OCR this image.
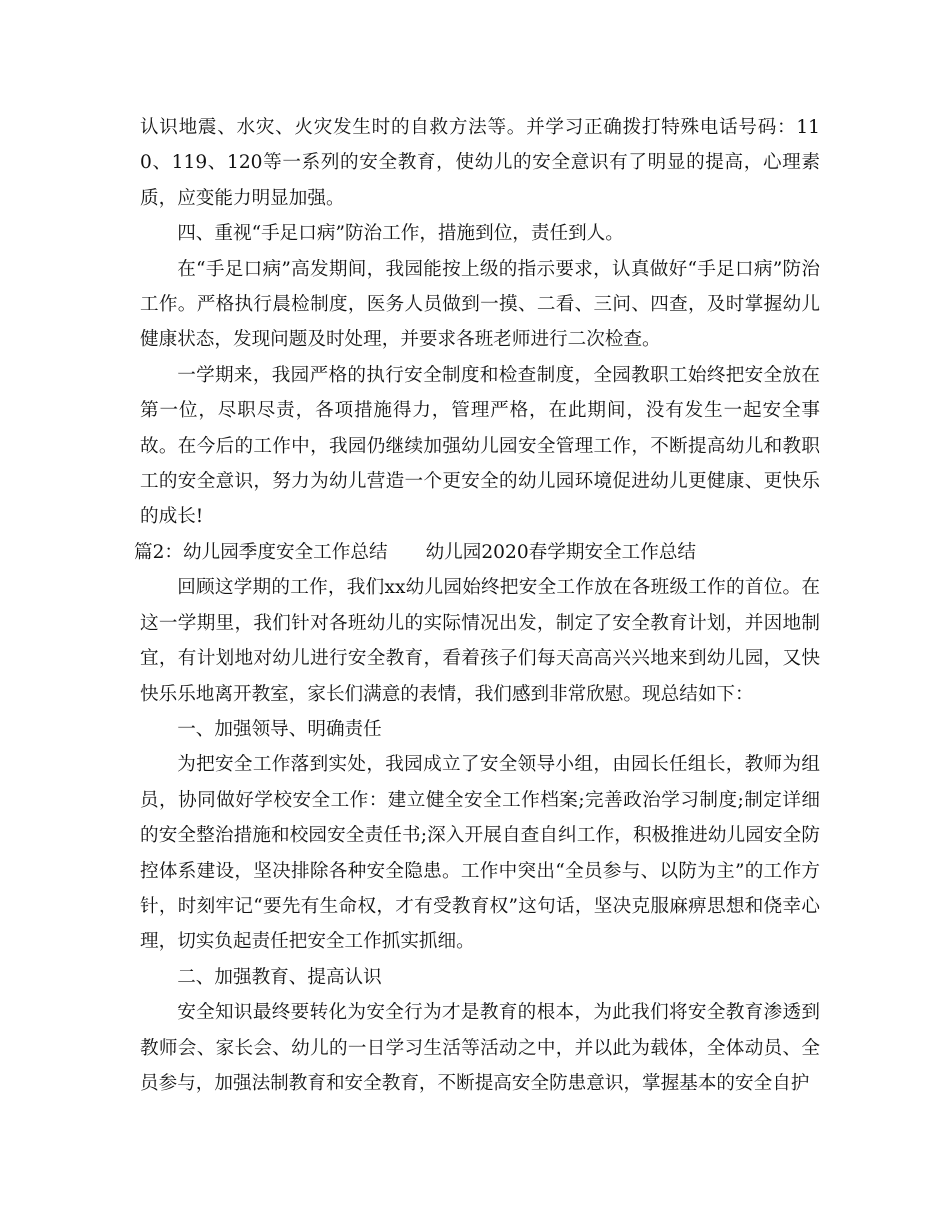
认识地震、水灾、火灾发生时的自救方法等。并学习正确拨打特殊电话号码：110、119、120等一系列的安全教育，使幼儿的安全意识有了明显的提高，心理素质，应变能力明显加强。

四、重视“手足口病”防治工作，措施到位，责任到人。

在“手足口病”高发期间，我园能按上级的指示要求，认真做好“手足口病”防治工作。严格执行晨检制度，医务人员做到一摸、二看、三问、四查，及时掌握幼儿健康状态，发现问题及时处理，并要求各班老师进行二次检查。

一学期来，我园严格的执行安全制度和检查制度，全园教职工始终把安全放在第一位，尽职尽责，各项措施得力，管理严格，在此期间，没有发生一起安全事故。在今后的工作中，我园仍继续加强幼儿园安全管理工作，不断提高幼儿和教职工的安全意识，努力为幼儿营造一个更安全的幼儿园环境促进幼儿更健康、更快乐的成长!

篇2：幼儿园季度安全工作总结 幼儿园2020春学期安全工作总结

回顾这学期的工作，我们xx幼儿园始终把安全工作放在各班级工作的首位。在这一学期里，我们针对各班幼儿的实际情况出发，制定了安全教育计划，并因地制宜，有计划地对幼儿进行安全教育，看着孩子们每天高高兴兴地来到幼儿园，又快快乐乐地离开教室，家长们满意的表情，我们感到非常欣慰。现总结如下：

一、加强领导、明确责任

为把安全工作落到实处，我园成立了安全领导小组，由园长任组长，教师为组员，协同做好学校安全工作：建立健全安全工作档案;完善政治学习制度;制定详细的安全整治措施和校园安全责任书;深入开展自查自纠工作，积极推进幼儿园安全防控体系建设，坚决排除各种安全隐患。工作中突出“全员参与、以防为主”的工作方针，时刻牢记“要先有生命权，才有受教育权”这句话，坚决克服麻痹思想和侥幸心理，切实负起责任把安全工作抓实抓细。

二、加强教育、提高认识

安全知识最终要转化为安全行为才是教育的根本，为此我们将安全教育渗透到教师会、家长会、幼儿的一日学习生活等活动之中，并以此为载体，全体动员、全员参与，加强法制教育和安全教育，不断提高安全防患意识，掌握基本的安全自护
